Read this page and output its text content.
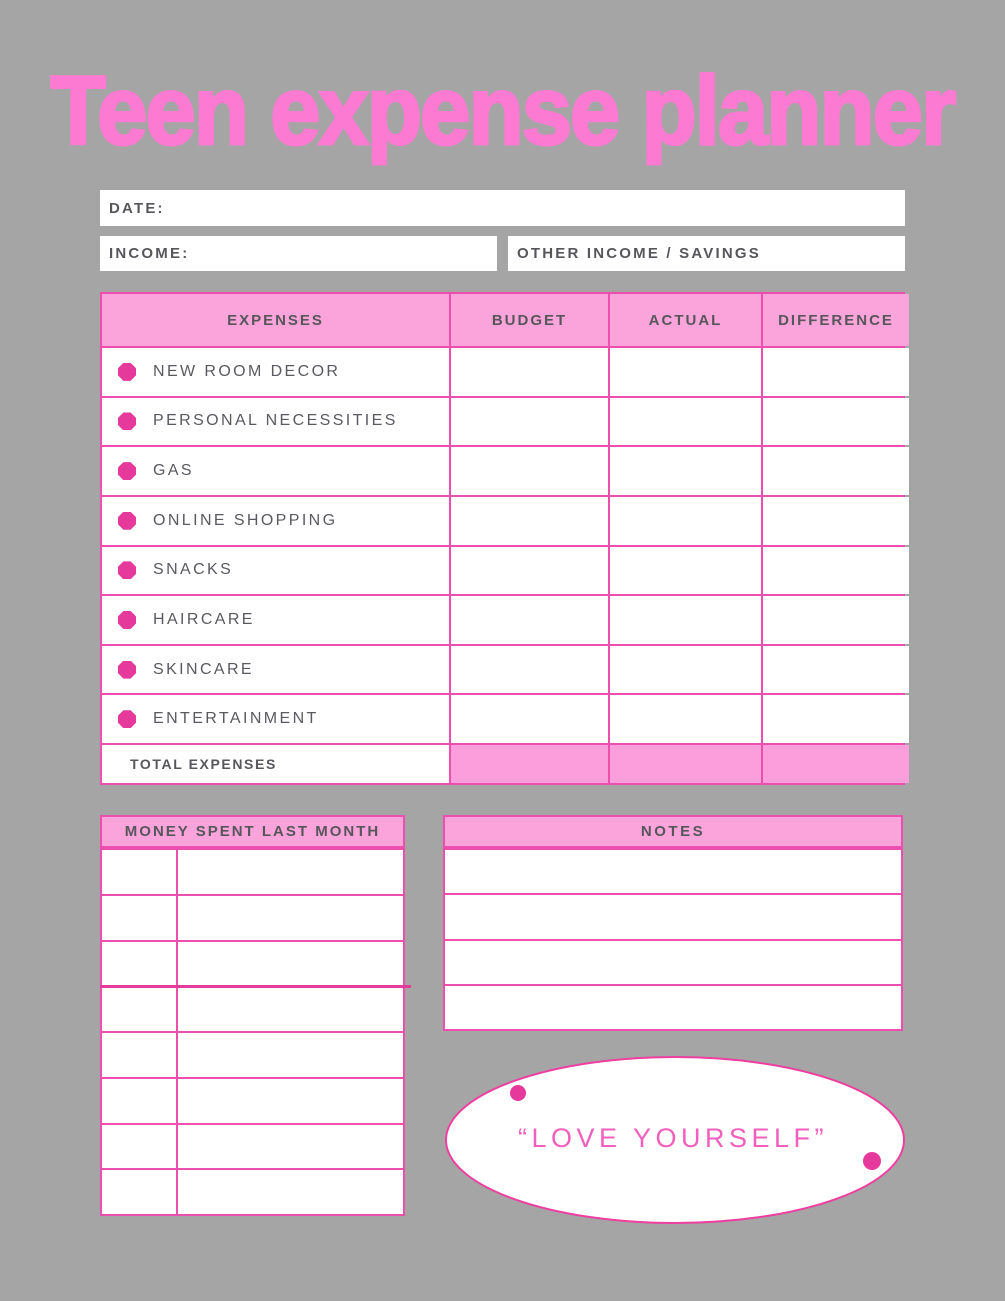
Teen expense planner
DATE:
INCOME:	OTHER INCOME / SAVINGS
EXPENSES	BUDGET	ACTUAL	DIFFERENCE
NEW ROOM DECOR
PERSONAL NECESSITIES
GAS
ONLINE SHOPPING
SNACKS
HAIRCARE
SKINCARE
ENTERTAINMENT
TOTAL EXPENSES
MONEY SPENT LAST MONTH	NOTES
“LOVE YOURSELF”
